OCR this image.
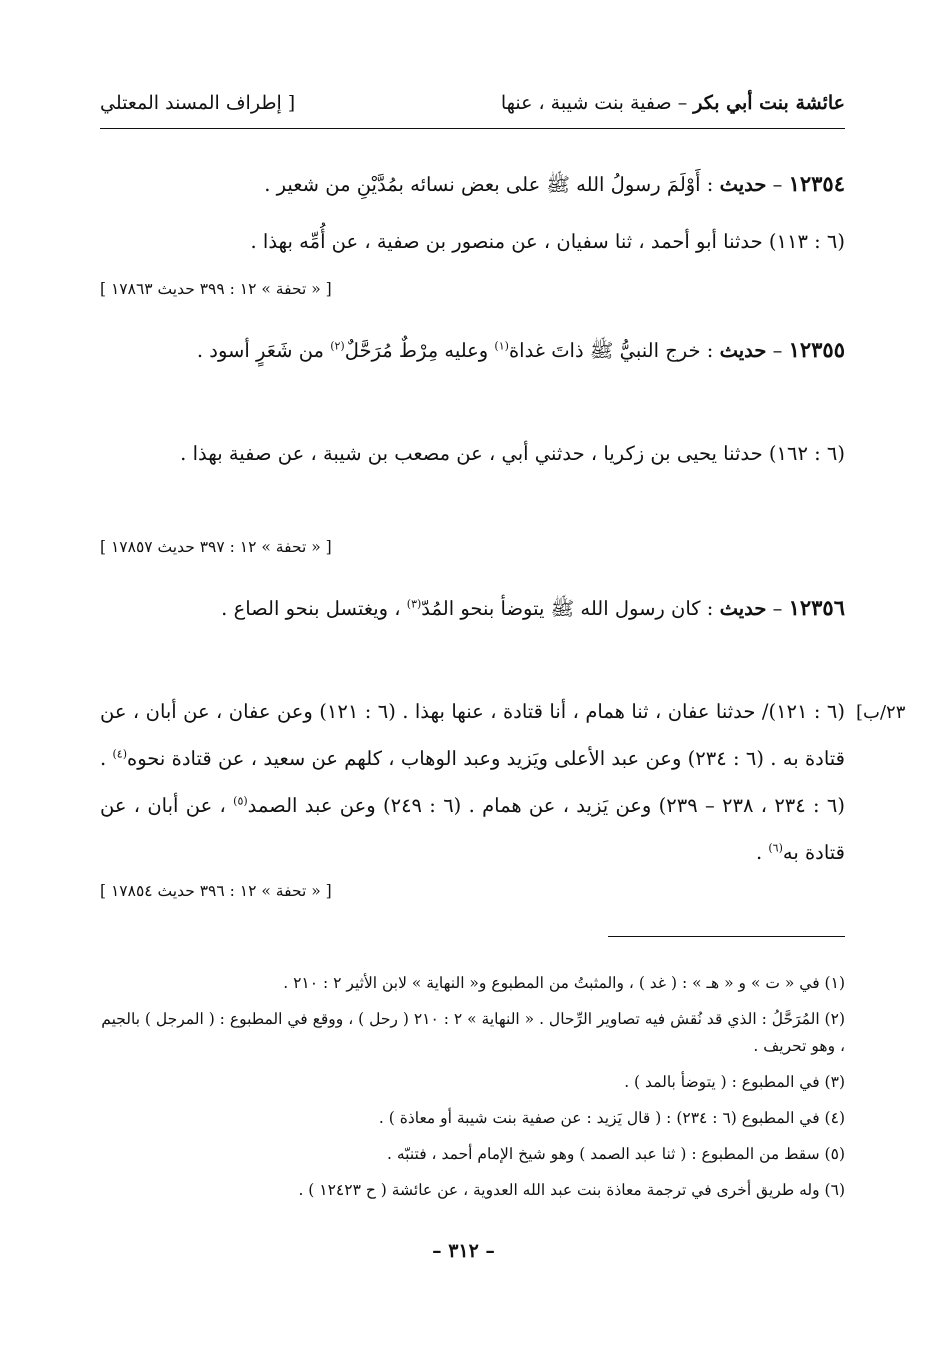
عائشة بنت أبي بكر – صفية بنت شيبة ، عنها
[ إطراف المسند المعتلي
١٢٣٥٤ – حديث : أَوْلَمَ رسولُ الله ﷺ على بعض نسائه بمُدَّيْنِ من شعير .
(٦ : ١١٣) حدثنا أبو أحمد ، ثنا سفيان ، عن منصور بن صفية ، عن أُمِّه بهذا .
[ « تحفة » ١٢ : ٣٩٩ حديث ١٧٨٦٣ ]
١٢٣٥٥ – حديث : خرج النبيُّ ﷺ ذاتَ غداة$^{(١)}$ وعليه مِرْطٌ مُرَحَّلٌ$^{(٢)}$ من شَعَرٍ أسود .
(٦ : ١٦٢) حدثنا يحيى بن زكريا ، حدثني أبي ، عن مصعب بن شيبة ، عن صفية بهذا .
[ « تحفة » ١٢ : ٣٩٧ حديث ١٧٨٥٧ ]
١٢٣٥٦ – حديث : كان رسول الله ﷺ يتوضأ بنحو المُدّ$^{(٣)}$ ، ويغتسل بنحو الصاع .
٢٣/ب]
(٦ : ١٢١)/ حدثنا عفان ، ثنا همام ، أنا قتادة ، عنها بهذا . (٦ : ١٢١) وعن عفان ، عن أبان ، عن قتادة به . (٦ : ٢٣٤) وعن عبد الأعلى ويَزيد وعبد الوهاب ، كلهم عن سعيد ، عن قتادة نحوه$^{(٤)}$ . (٦ : ٢٣٤ ، ٢٣٨ – ٢٣٩) وعن يَزيد ، عن همام . (٦ : ٢٤٩) وعن عبد الصمد$^{(٥)}$ ، عن أبان ، عن قتادة به$^{(٦)}$ .
[ « تحفة » ١٢ : ٣٩٦ حديث ١٧٨٥٤ ]
(١) في « ت » و « هـ » : ( غد ) ، والمثبتُ من المطبوع و« النهاية » لابن الأثير ٢ : ٢١٠ .
(٢) المُرَحَّلُ : الذي قد نُقش فيه تصاوير الرِّحال . « النهاية » ٢ : ٢١٠ ( رحل ) ، ووقع في المطبوع : ( المرجل ) بالجيم ، وهو تحريف .
(٣) في المطبوع : ( يتوضأ بالمد ) .
(٤) في المطبوع (٦ : ٢٣٤) : ( قال يَزيد : عن صفية بنت شيبة أو معاذة ) .
(٥) سقط من المطبوع : ( ثنا عبد الصمد ) وهو شيخ الإمام أحمد ، فتنبّه .
(٦) وله طريق أخرى في ترجمة معاذة بنت عبد الله العدوية ، عن عائشة ( ح ١٢٤٢٣ ) .
– ٣١٢ –
